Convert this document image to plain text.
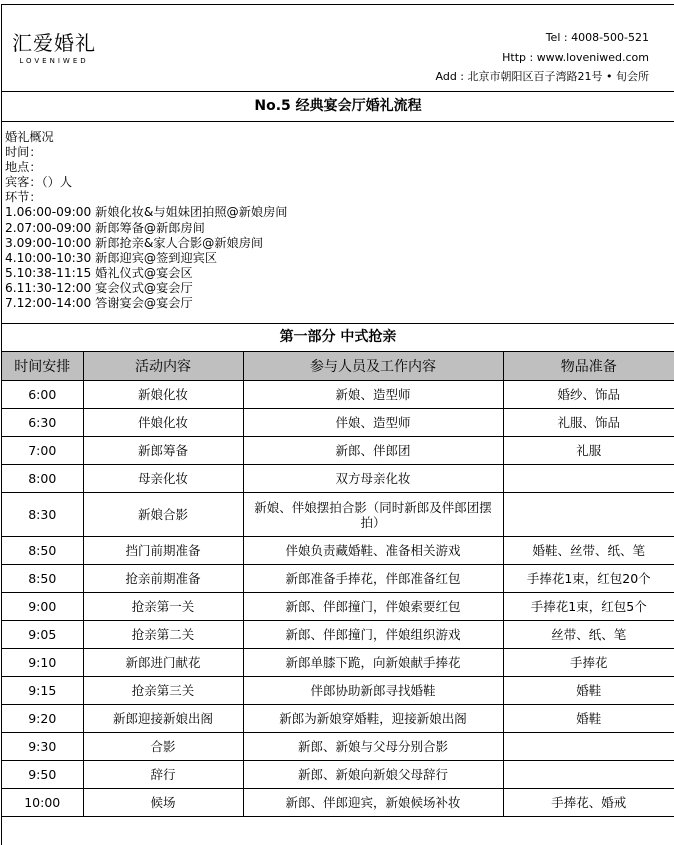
汇爱婚礼
LOVENIWED
Tel : 4008-500-521
Http : www.loveniwed.com
Add : 北京市朝阳区百子湾路21号 • 旬会所
No.5 经典宴会厅婚礼流程
婚礼概况
时间：
地点：
宾客：（）人
环节：
1.06:00-09:00 新娘化妆&与姐妹团拍照@新娘房间
2.07:00-09:00 新郎筹备@新郎房间
3.09:00-10:00 新郎抢亲&家人合影@新娘房间
4.10:00-10:30 新郎迎宾@签到迎宾区
5.10:38-11:15 婚礼仪式@宴会区
6.11:30-12:00 宴会仪式@宴会厅
7.12:00-14:00 答谢宴会@宴会厅
第一部分 中式抢亲
时间安排	活动内容	参与人员及工作内容	物品准备
6:00	新娘化妆	新娘、造型师	婚纱、饰品
6:30	伴娘化妆	伴娘、造型师	礼服、饰品
7:00	新郎筹备	新郎、伴郎团	礼服
8:00	母亲化妆	双方母亲化妆	
8:30	新娘合影	新娘、伴娘摆拍合影（同时新郎及伴郎团摆拍）	
8:50	挡门前期准备	伴娘负责藏婚鞋、准备相关游戏	婚鞋、丝带、纸、笔
8:50	抢亲前期准备	新郎准备手捧花，伴郎准备红包	手捧花1束，红包20个
9:00	抢亲第一关	新郎、伴郎撞门，伴娘索要红包	手捧花1束，红包5个
9:05	抢亲第二关	新郎、伴郎撞门，伴娘组织游戏	丝带、纸、笔
9:10	新郎进门献花	新郎单膝下跪，向新娘献手捧花	手捧花
9:15	抢亲第三关	伴郎协助新郎寻找婚鞋	婚鞋
9:20	新郎迎接新娘出阁	新郎为新娘穿婚鞋，迎接新娘出阁	婚鞋
9:30	合影	新郎、新娘与父母分别合影	
9:50	辞行	新郎、新娘向新娘父母辞行	
10:00	候场	新郎、伴郎迎宾，新娘候场补妆	手捧花、婚戒
